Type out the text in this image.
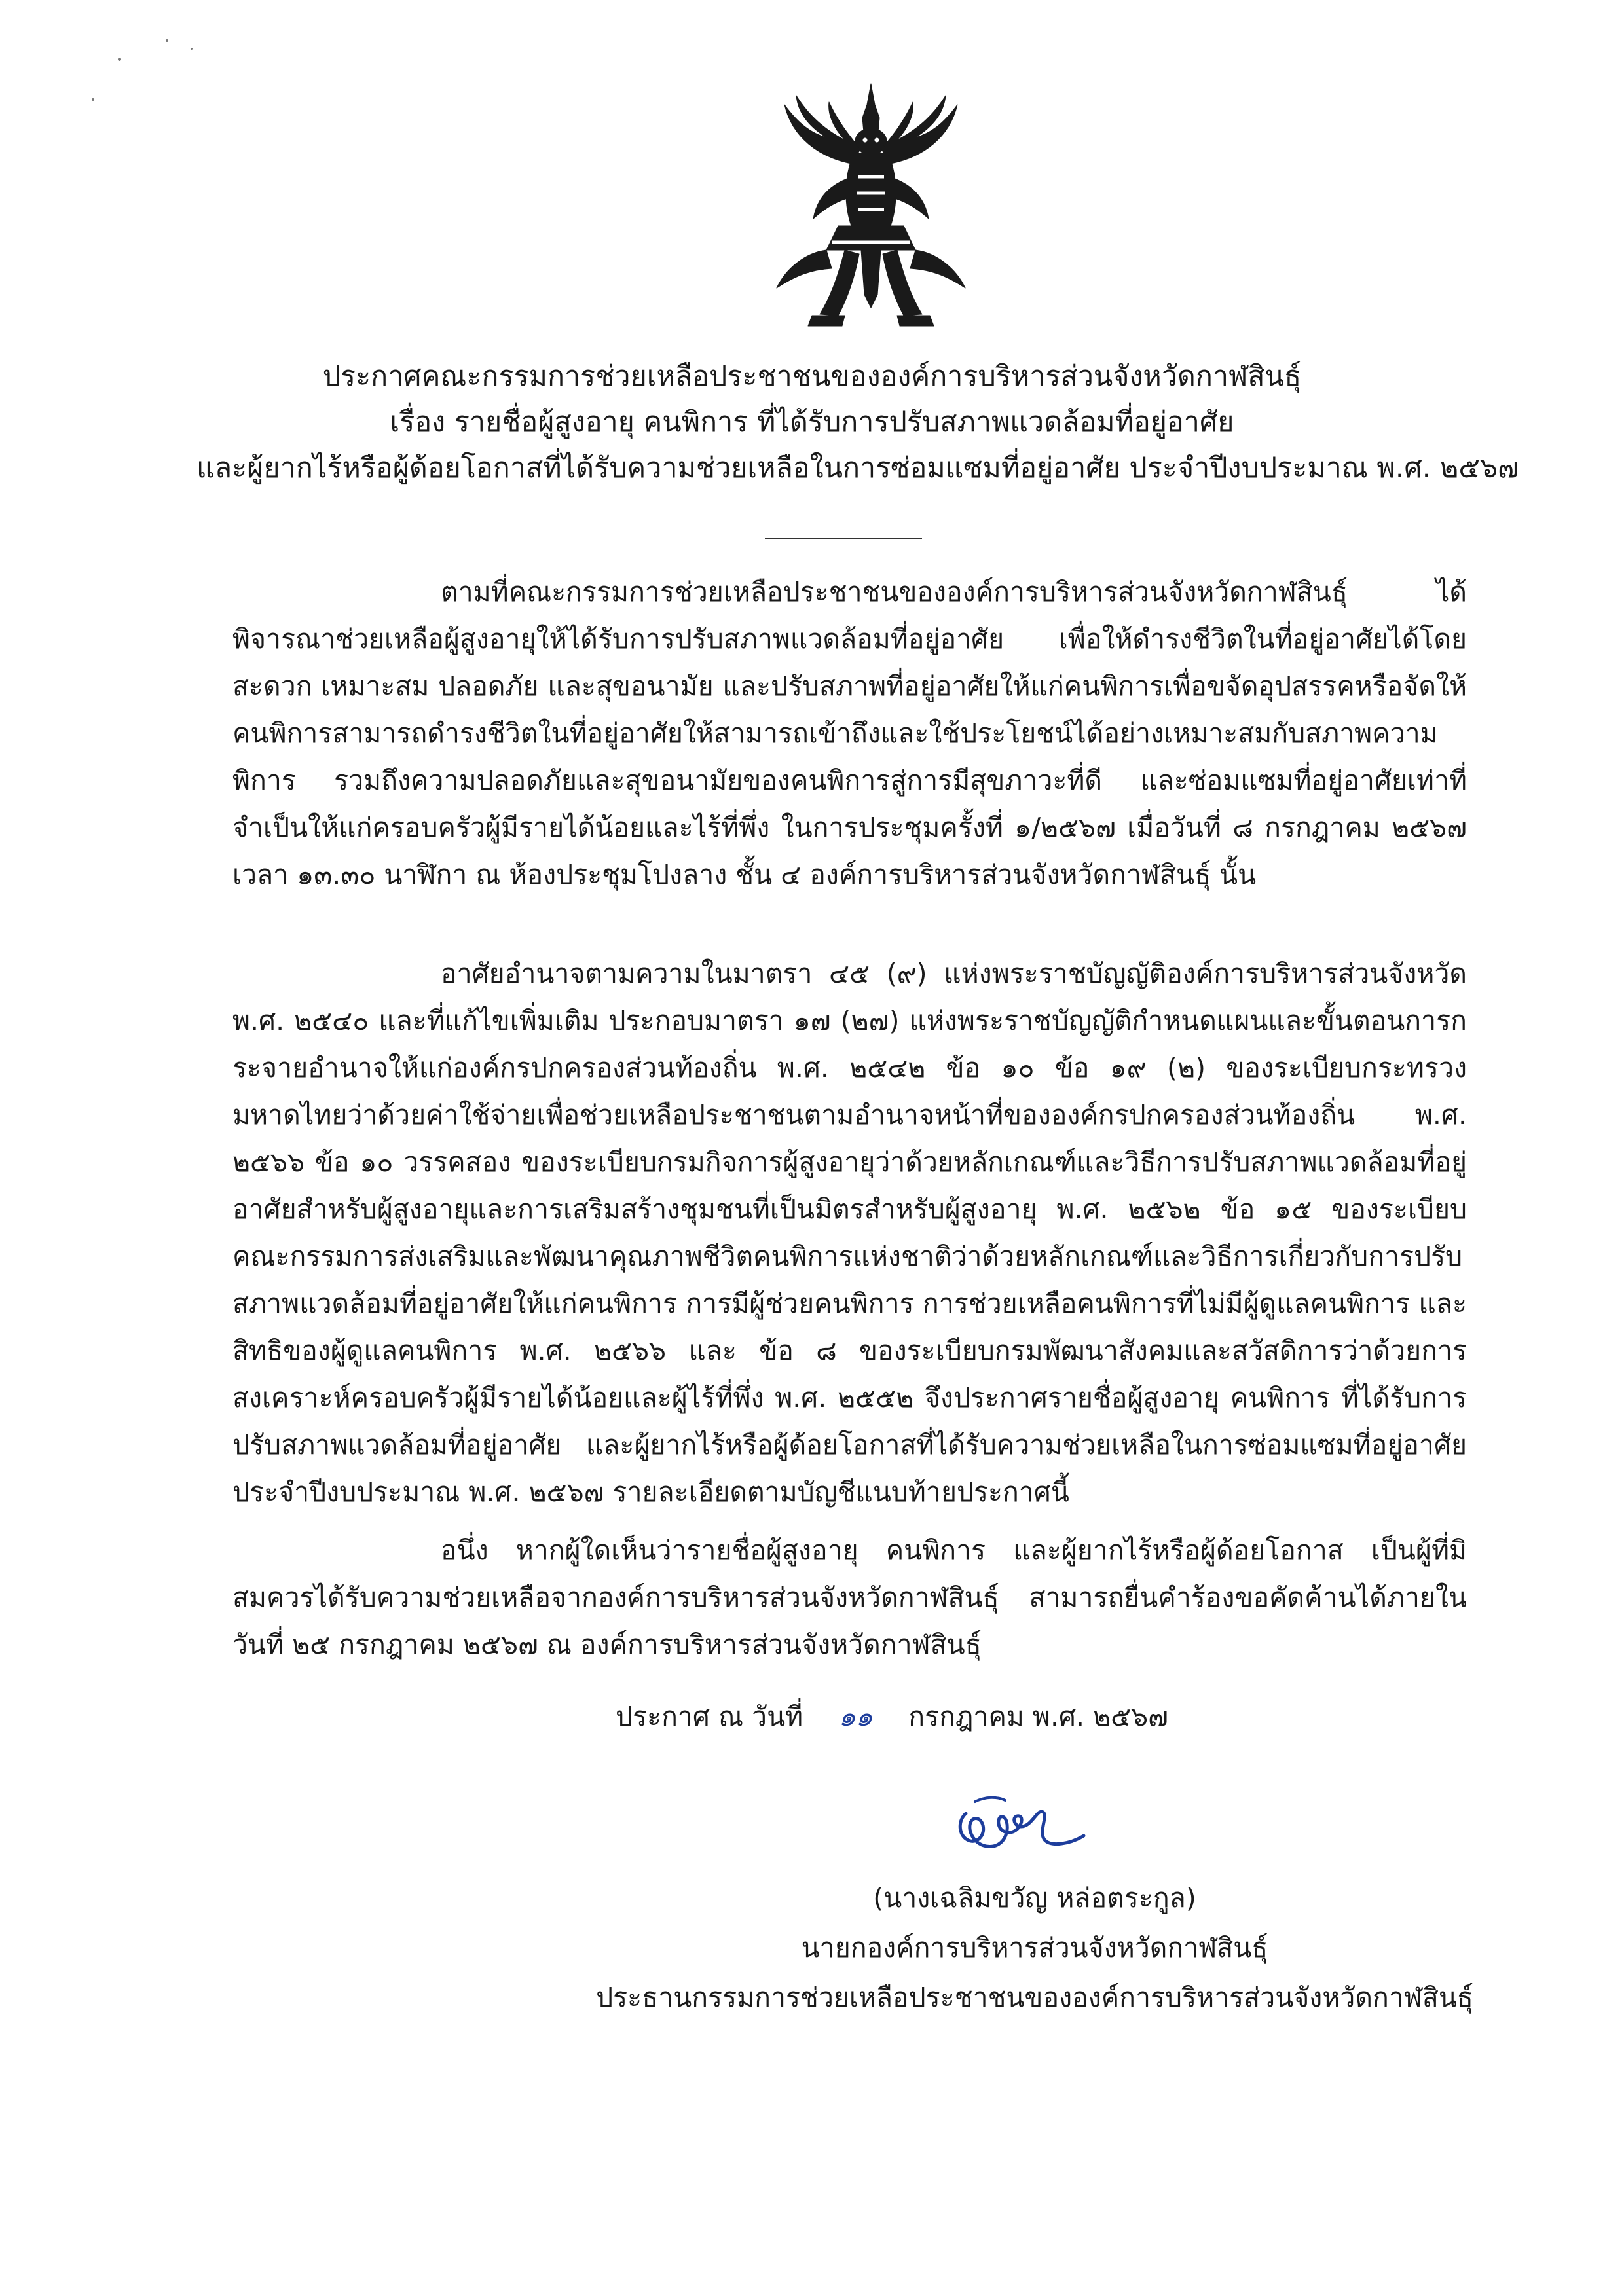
ประกาศคณะกรรมการช่วยเหลือประชาชนขององค์การบริหารส่วนจังหวัดกาฬสินธุ์
เรื่อง รายชื่อผู้สูงอายุ คนพิการ ที่ได้รับการปรับสภาพแวดล้อมที่อยู่อาศัย
และผู้ยากไร้หรือผู้ด้อยโอกาสที่ได้รับความช่วยเหลือในการซ่อมแซมที่อยู่อาศัย ประจำปีงบประมาณ พ.ศ. ๒๕๖๗

ตามที่คณะกรรมการช่วยเหลือประชาชนขององค์การบริหารส่วนจังหวัดกาฬสินธุ์ ได้พิจารณาช่วยเหลือผู้สูงอายุให้ได้รับการปรับสภาพแวดล้อมที่อยู่อาศัย เพื่อให้ดำรงชีวิตในที่อยู่อาศัยได้โดยสะดวก เหมาะสม ปลอดภัย และสุขอนามัย และปรับสภาพที่อยู่อาศัยให้แก่คนพิการเพื่อขจัดอุปสรรคหรือจัดให้คนพิการสามารถดำรงชีวิตในที่อยู่อาศัยให้สามารถเข้าถึงและใช้ประโยชน์ได้อย่างเหมาะสมกับสภาพความพิการ รวมถึงความปลอดภัยและสุขอนามัยของคนพิการสู่การมีสุขภาวะที่ดี และซ่อมแซมที่อยู่อาศัยเท่าที่จำเป็นให้แก่ครอบครัวผู้มีรายได้น้อยและไร้ที่พึ่ง ในการประชุมครั้งที่ ๑/๒๕๖๗ เมื่อวันที่ ๘ กรกฎาคม ๒๕๖๗ เวลา ๑๓.๓๐ นาฬิกา ณ ห้องประชุมโปงลาง ชั้น ๔ องค์การบริหารส่วนจังหวัดกาฬสินธุ์ นั้น

อาศัยอำนาจตามความในมาตรา ๔๕ (๙) แห่งพระราชบัญญัติองค์การบริหารส่วนจังหวัด พ.ศ. ๒๕๔๐ และที่แก้ไขเพิ่มเติม ประกอบมาตรา ๑๗ (๒๗) แห่งพระราชบัญญัติกำหนดแผนและขั้นตอนการกระจายอำนาจให้แก่องค์กรปกครองส่วนท้องถิ่น พ.ศ. ๒๕๔๒ ข้อ ๑๐ ข้อ ๑๙ (๒) ของระเบียบกระทรวงมหาดไทยว่าด้วยค่าใช้จ่ายเพื่อช่วยเหลือประชาชนตามอำนาจหน้าที่ขององค์กรปกครองส่วนท้องถิ่น พ.ศ. ๒๕๖๖ ข้อ ๑๐ วรรคสอง ของระเบียบกรมกิจการผู้สูงอายุว่าด้วยหลักเกณฑ์และวิธีการปรับสภาพแวดล้อมที่อยู่อาศัยสำหรับผู้สูงอายุและการเสริมสร้างชุมชนที่เป็นมิตรสำหรับผู้สูงอายุ พ.ศ. ๒๕๖๒ ข้อ ๑๕ ของระเบียบคณะกรรมการส่งเสริมและพัฒนาคุณภาพชีวิตคนพิการแห่งชาติว่าด้วยหลักเกณฑ์และวิธีการเกี่ยวกับการปรับสภาพแวดล้อมที่อยู่อาศัยให้แก่คนพิการ การมีผู้ช่วยคนพิการ การช่วยเหลือคนพิการที่ไม่มีผู้ดูแลคนพิการ และสิทธิของผู้ดูแลคนพิการ พ.ศ. ๒๕๖๖ และ ข้อ ๘ ของระเบียบกรมพัฒนาสังคมและสวัสดิการว่าด้วยการสงเคราะห์ครอบครัวผู้มีรายได้น้อยและผู้ไร้ที่พึ่ง พ.ศ. ๒๕๕๒ จึงประกาศรายชื่อผู้สูงอายุ คนพิการ ที่ได้รับการปรับสภาพแวดล้อมที่อยู่อาศัย และผู้ยากไร้หรือผู้ด้อยโอกาสที่ได้รับความช่วยเหลือในการซ่อมแซมที่อยู่อาศัย ประจำปีงบประมาณ พ.ศ. ๒๕๖๗ รายละเอียดตามบัญชีแนบท้ายประกาศนี้

อนึ่ง หากผู้ใดเห็นว่ารายชื่อผู้สูงอายุ คนพิการ และผู้ยากไร้หรือผู้ด้อยโอกาส เป็นผู้ที่มิสมควรได้รับความช่วยเหลือจากองค์การบริหารส่วนจังหวัดกาฬสินธุ์ สามารถยื่นคำร้องขอคัดค้านได้ภายในวันที่ ๒๕ กรกฎาคม ๒๕๖๗ ณ องค์การบริหารส่วนจังหวัดกาฬสินธุ์

ประกาศ ณ วันที่ ๑๑ กรกฎาคม พ.ศ. ๒๕๖๗
(นางเฉลิมขวัญ หล่อตระกูล)
นายกองค์การบริหารส่วนจังหวัดกาฬสินธุ์
ประธานกรรมการช่วยเหลือประชาชนขององค์การบริหารส่วนจังหวัดกาฬสินธุ์
